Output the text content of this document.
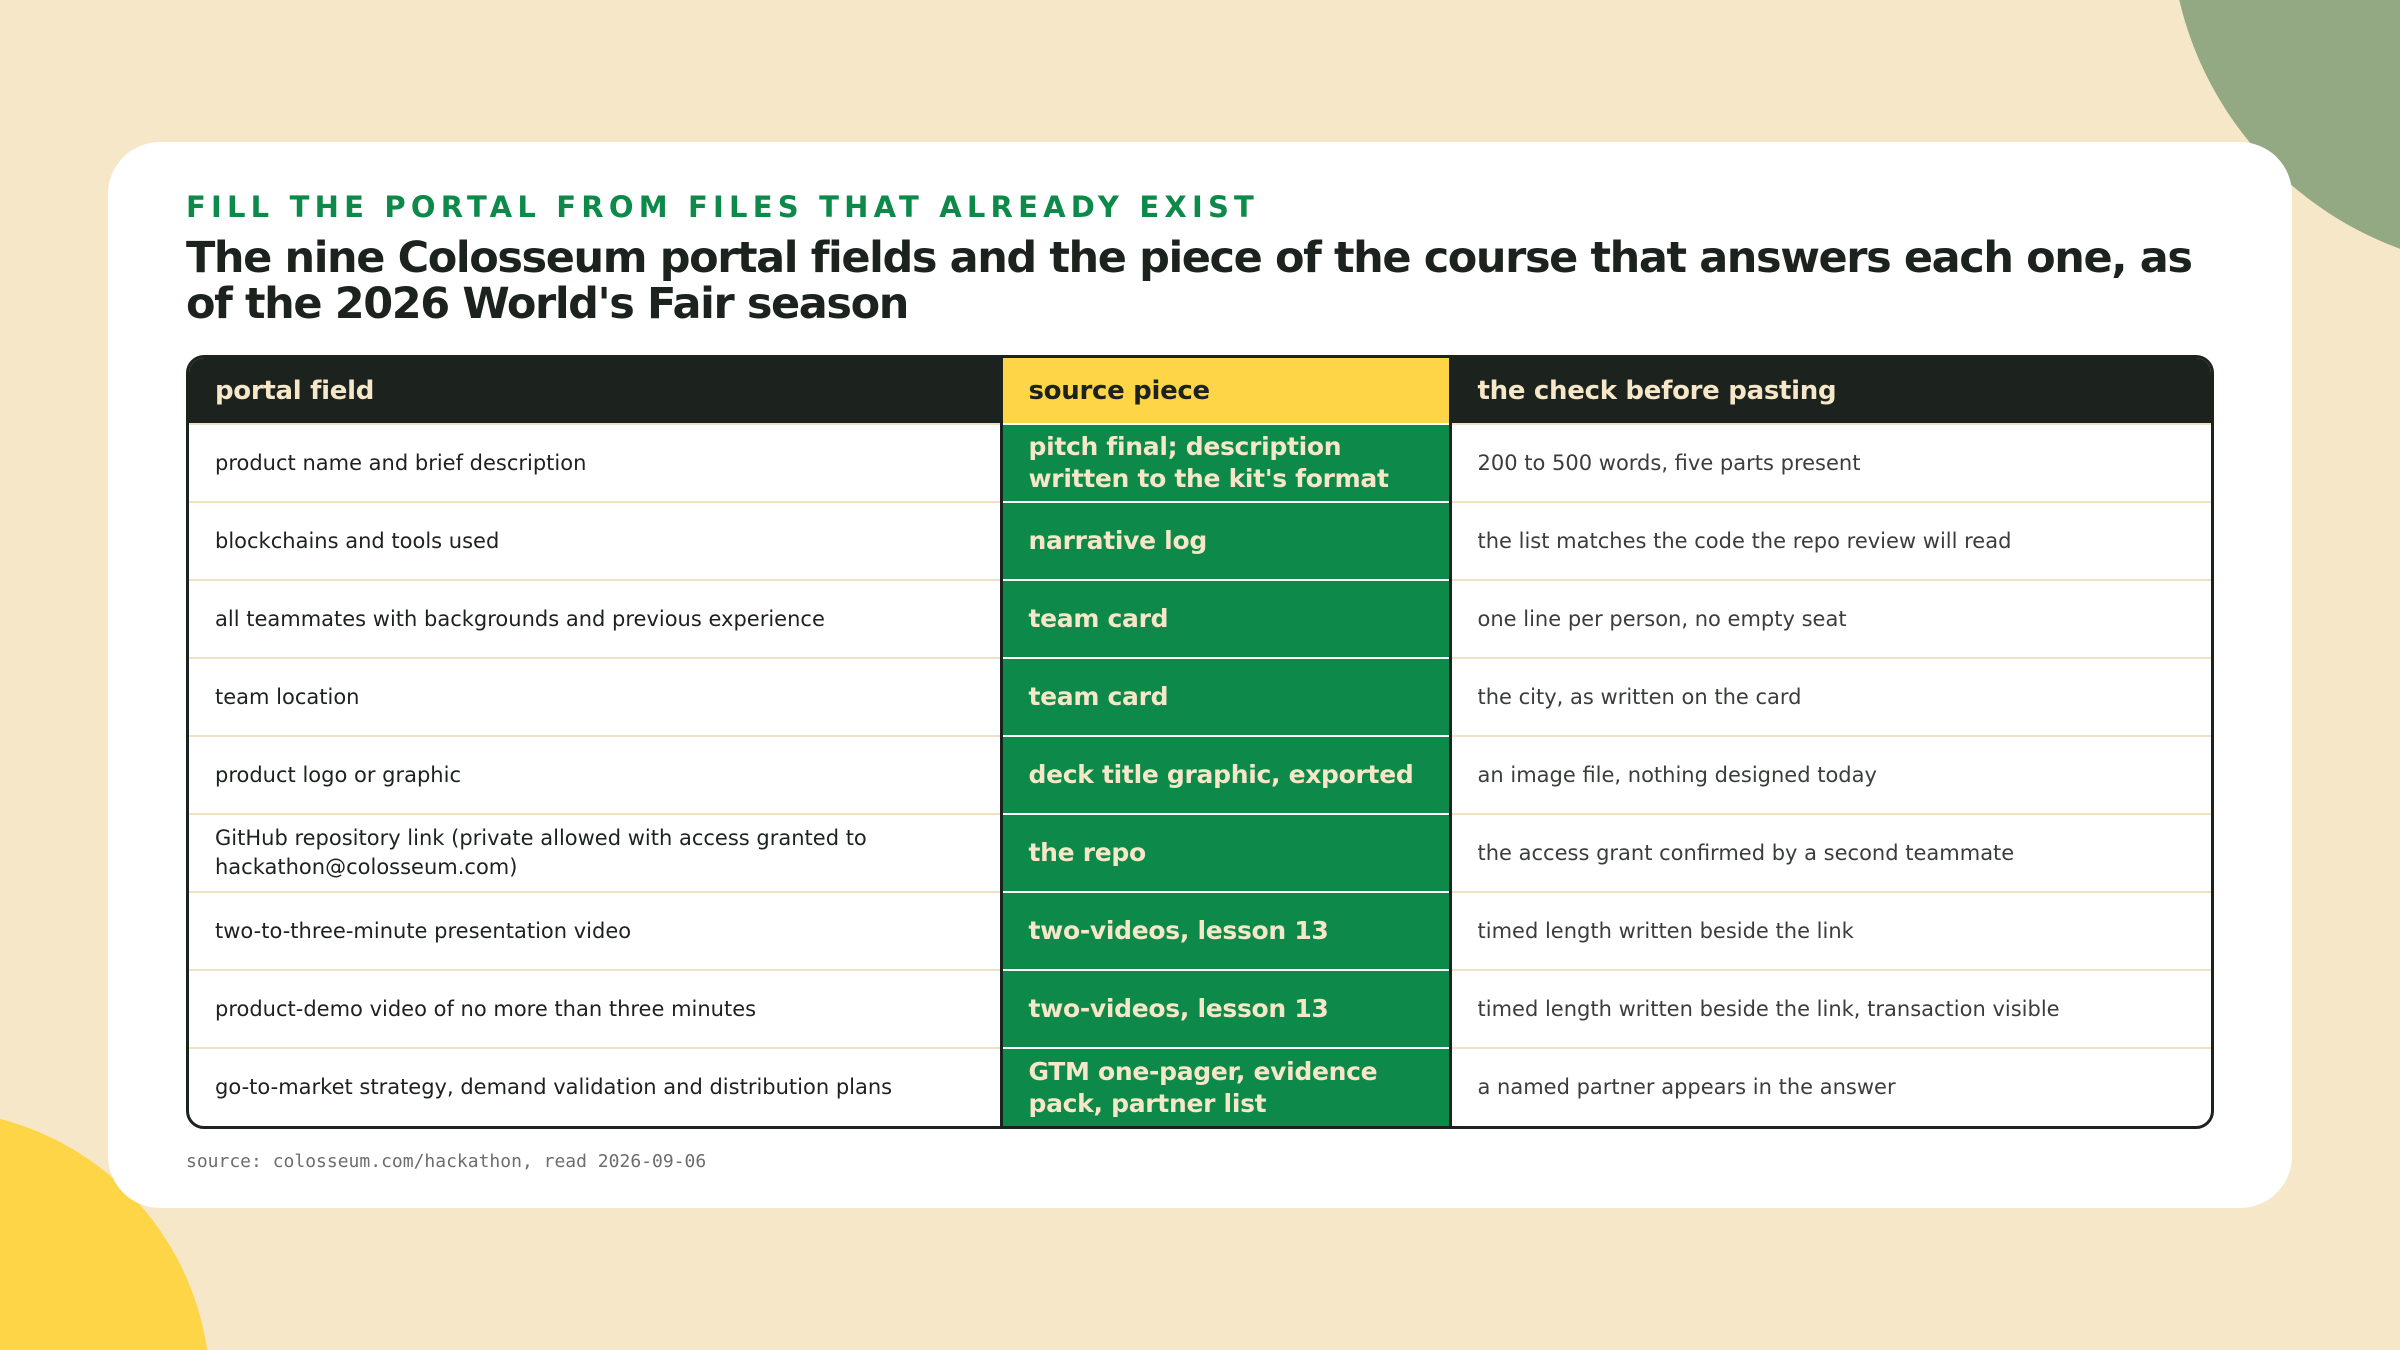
FILL THE PORTAL FROM FILES THAT ALREADY EXIST
The nine Colosseum portal fields and the piece of the course that answers each one, as of the 2026 World's Fair season
portal field	source piece	the check before pasting
product name and brief description	pitch final; description written to the kit's format	200 to 500 words, five parts present
blockchains and tools used	narrative log	the list matches the code the repo review will read
all teammates with backgrounds and previous experience	team card	one line per person, no empty seat
team location	team card	the city, as written on the card
product logo or graphic	deck title graphic, exported	an image file, nothing designed today
GitHub repository link (private allowed with access granted to hackathon@colosseum.com)	the repo	the access grant confirmed by a second teammate
two-to-three-minute presentation video	two-videos, lesson 13	timed length written beside the link
product-demo video of no more than three minutes	two-videos, lesson 13	timed length written beside the link, transaction visible
go-to-market strategy, demand validation and distribution plans	GTM one-pager, evidence pack, partner list	a named partner appears in the answer
source: colosseum.com/hackathon, read 2026-09-06
